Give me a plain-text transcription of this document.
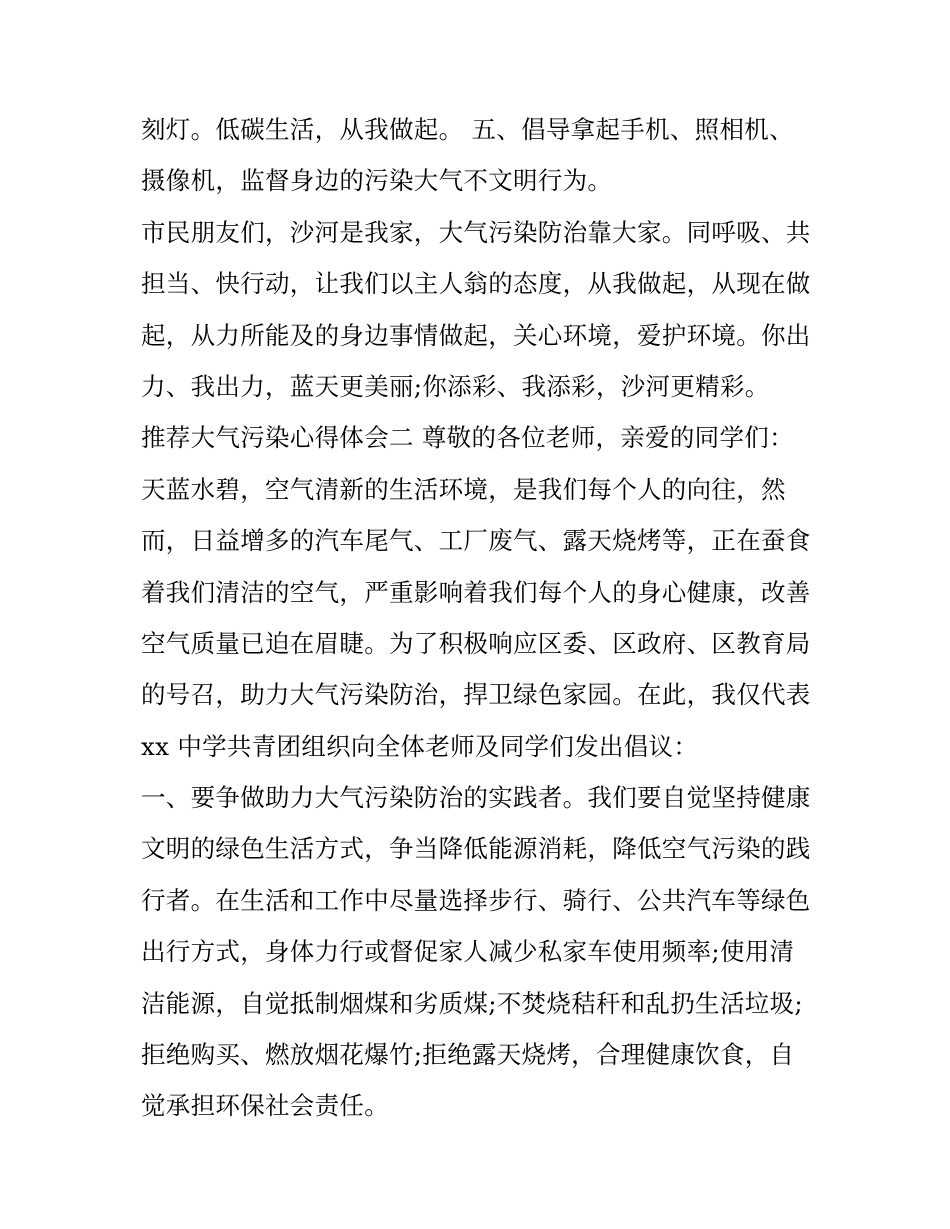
刻灯。低碳生活，从我做起。 五、倡导拿起手机、照相机、
摄像机，监督身边的污染大气不文明行为。
市民朋友们，沙河是我家，大气污染防治靠大家。同呼吸、共
担当、快行动，让我们以主人翁的态度，从我做起，从现在做
起，从力所能及的身边事情做起，关心环境，爱护环境。你出
力、我出力，蓝天更美丽;你添彩、我添彩，沙河更精彩。
推荐大气污染心得体会二 尊敬的各位老师，亲爱的同学们：
天蓝水碧，空气清新的生活环境，是我们每个人的向往，然
而，日益增多的汽车尾气、工厂废气、露天烧烤等，正在蚕食
着我们清洁的空气，严重影响着我们每个人的身心健康，改善
空气质量已迫在眉睫。为了积极响应区委、区政府、区教育局
的号召，助力大气污染防治，捍卫绿色家园。在此，我仅代表
xx 中学共青团组织向全体老师及同学们发出倡议：
一、要争做助力大气污染防治的实践者。我们要自觉坚持健康
文明的绿色生活方式，争当降低能源消耗，降低空气污染的践
行者。在生活和工作中尽量选择步行、骑行、公共汽车等绿色
出行方式，身体力行或督促家人减少私家车使用频率;使用清
洁能源，自觉抵制烟煤和劣质煤;不焚烧秸秆和乱扔生活垃圾;
拒绝购买、燃放烟花爆竹;拒绝露天烧烤，合理健康饮食，自
觉承担环保社会责任。
